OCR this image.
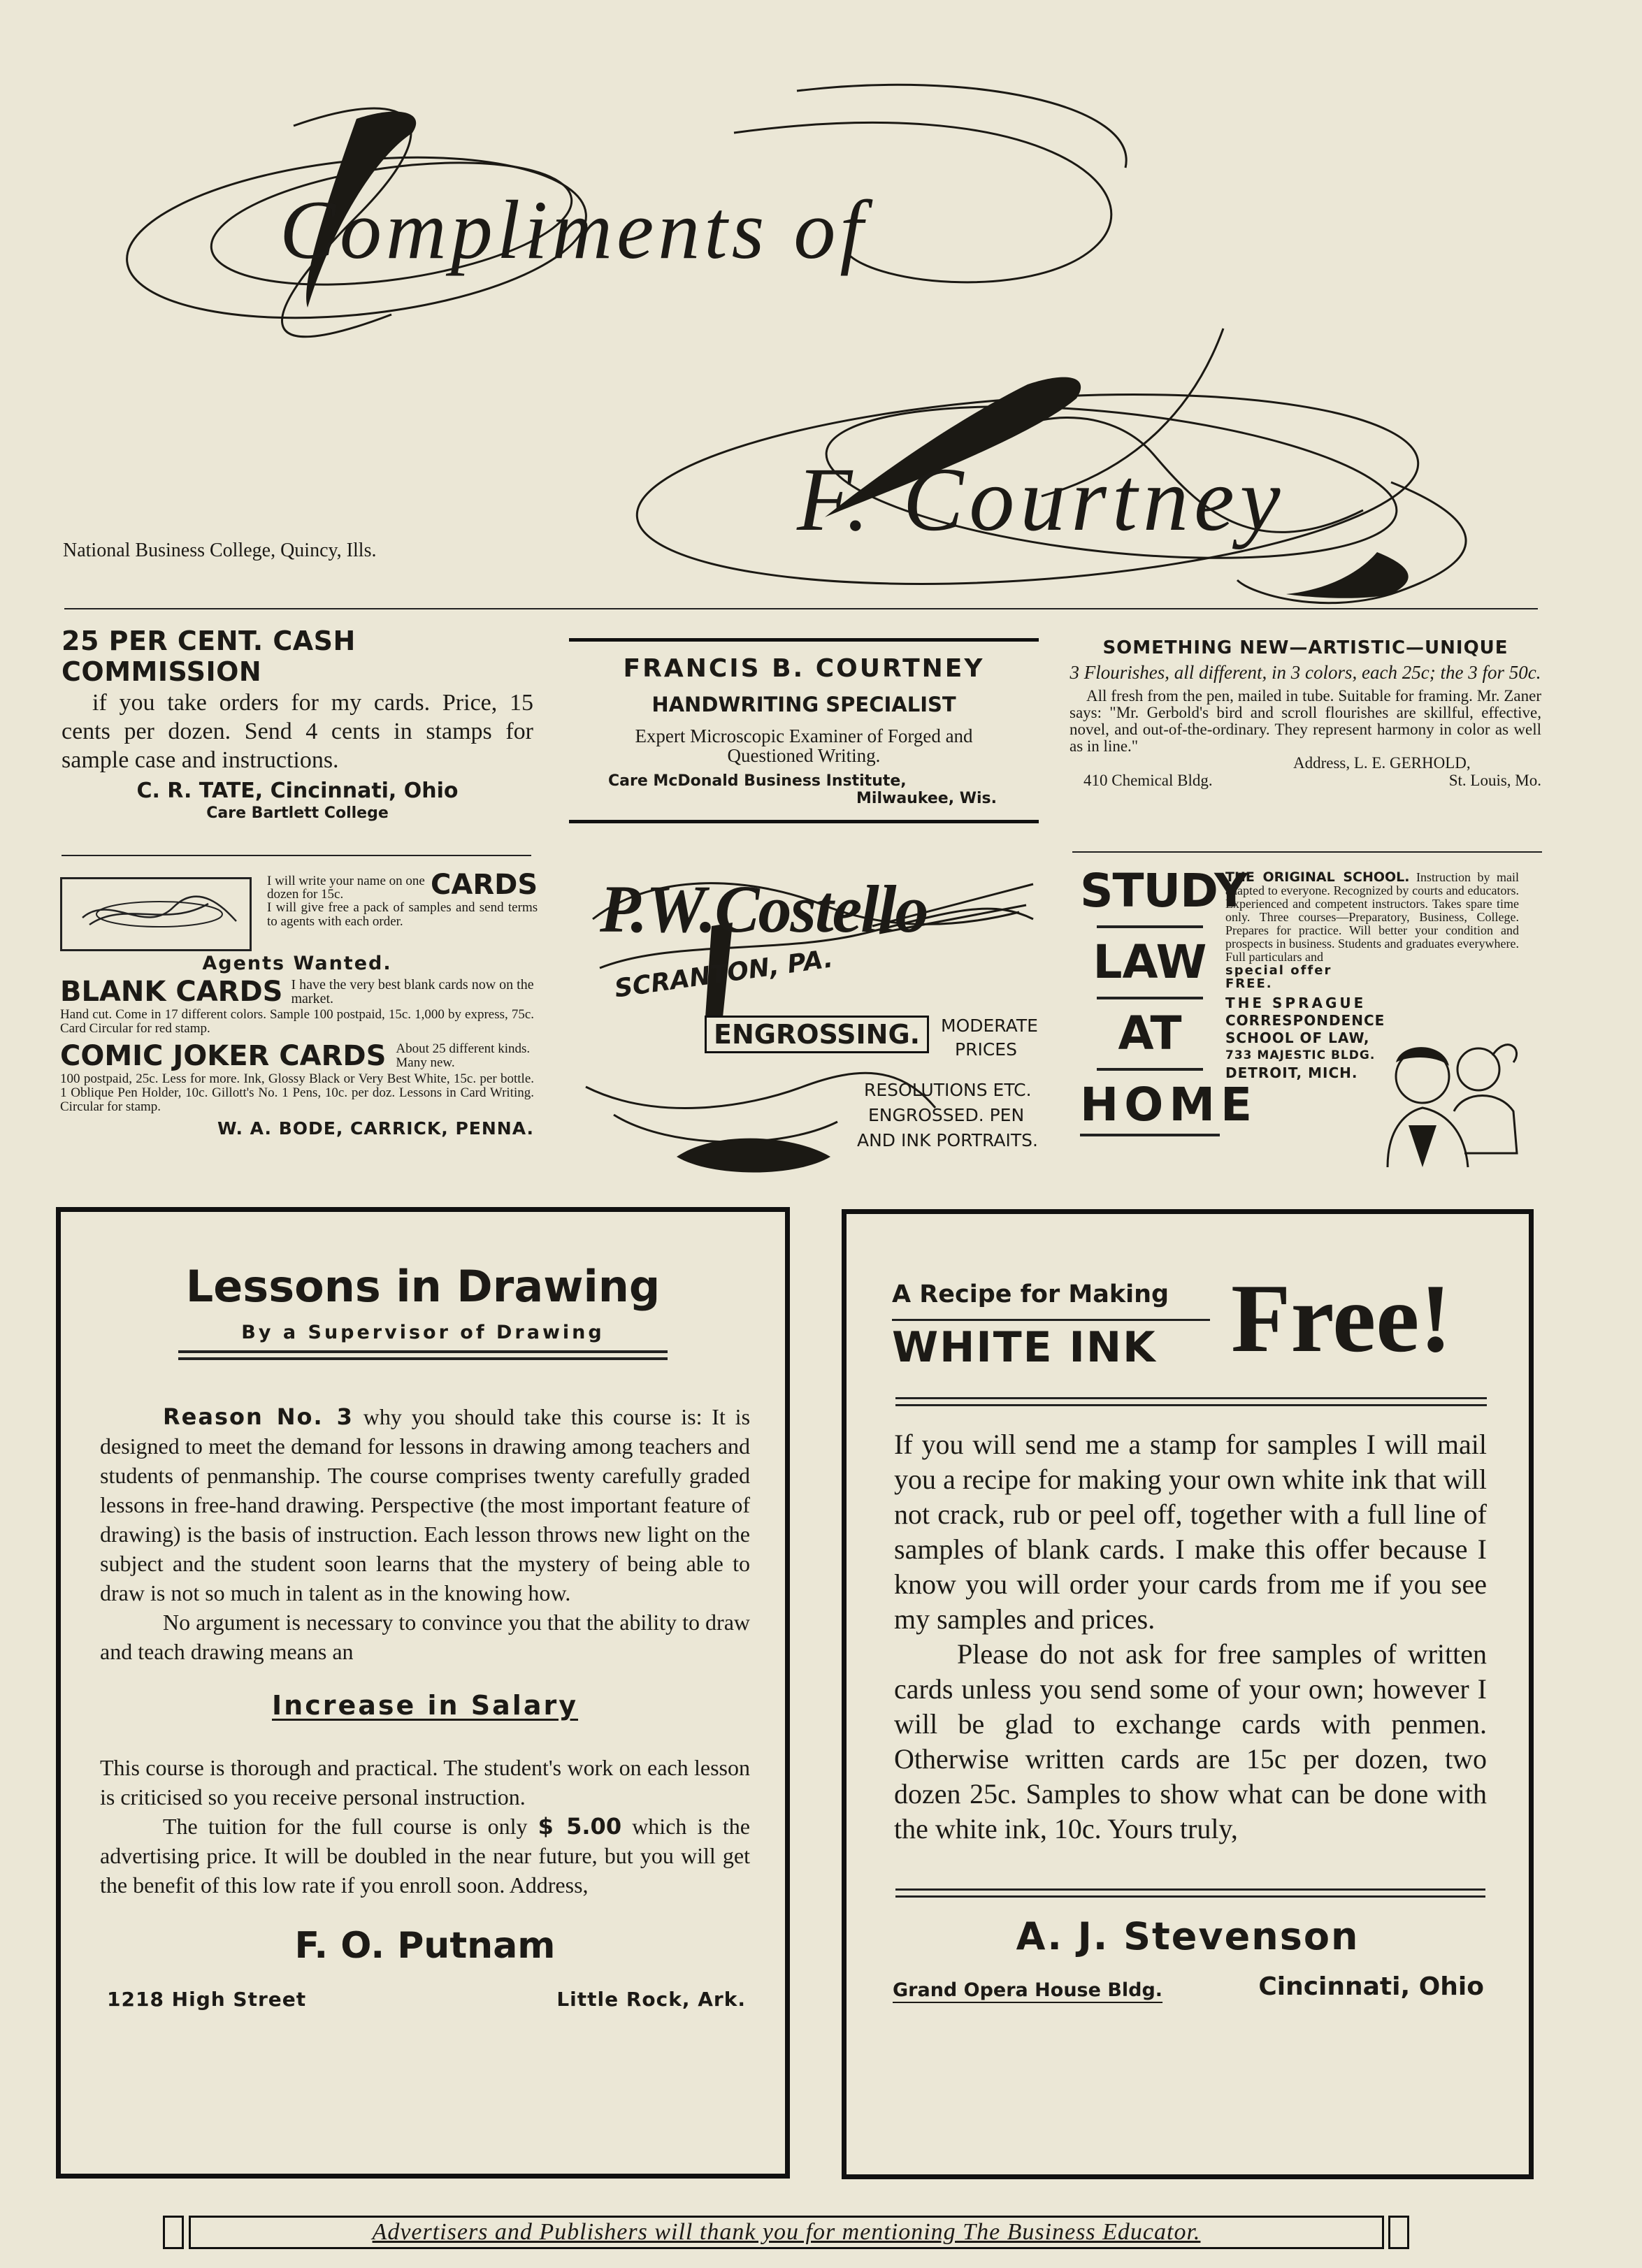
Compliments of
F. Courtney
National Business College, Quincy, Ills.
25 PER CENT. CASH COMMISSION

if you take orders for my cards. Price, 15 cents per dozen. Send 4 cents in stamps for sample case and instructions.

C. R. TATE, Cincinnati, Ohio
Care Bartlett College
FRANCIS B. COURTNEY
HANDWRITING SPECIALIST

Expert Microscopic Examiner of Forged and Questioned Writing.

Care McDonald Business Institute,
Milwaukee, Wis.
SOMETHING NEW—ARTISTIC—UNIQUE

3 Flourishes, all different, in 3 colors, each 25c; the 3 for 50c.

All fresh from the pen, mailed in tube. Suitable for framing. Mr. Zaner says: "Mr. Gerbold's bird and scroll flourishes are skillful, effective, novel, and out-of-the-ordinary. They represent harmony in color as well as in line."

Address, L. E. GERHOLD,
410 Chemical Bldg.	St. Louis, Mo.

I will write your name on one dozen for 15c.	CARDS

I will give free a pack of samples and send terms to agents with each order.

Agents Wanted.
BLANK CARDS I have the very best blank cards now on the market.

Hand cut. Come in 17 different colors. Sample 100 postpaid, 15c. 1,000 by express, 75c. Card Circular for red stamp.

COMIC JOKER CARDS About 25 different kinds. Many new.

100 postpaid, 25c. Less for more. Ink, Glossy Black or Very Best White, 15c. per bottle. 1 Oblique Pen Holder, 10c. Gillott's No. 1 Pens, 10c. per doz. Lessons in Card Writing. Circular for stamp.

W. A. BODE, CARRICK, PENNA.
P.W.Costello
SCRANTON, PA.
ENGROSSING.	MODERATE
PRICES
RESOLUTIONS ETC.
ENGROSSED. PEN
AND INK PORTRAITS.
STUDY
LAW
AT
HOME

THE ORIGINAL SCHOOL. Instruction by mail adapted to everyone. Recognized by courts and educators. Experienced and competent instructors. Takes spare time only. Three courses—Preparatory, Business, College. Prepares for practice. Will better your condition and prospects in business. Students and graduates everywhere. Full particulars and

special offer FREE.
THE SPRAGUE
CORRESPONDENCE
SCHOOL OF LAW,
733 MAJESTIC BLDG.
DETROIT, MICH.
Lessons in Drawing
By a Supervisor of Drawing

Reason No. 3 why you should take this course is: It is designed to meet the demand for lessons in drawing among teachers and students of penmanship. The course comprises twenty carefully graded lessons in free-hand drawing. Perspective (the most important feature of drawing) is the basis of instruction. Each lesson throws new light on the subject and the student soon learns that the mystery of being able to draw is not so much in talent as in the knowing how.

No argument is necessary to convince you that the ability to draw and teach drawing means an

Increase in Salary

This course is thorough and practical. The student's work on each lesson is criticised so you receive personal instruction.

The tuition for the full course is only $ 5.00 which is the advertising price. It will be doubled in the near future, but you will get the benefit of this low rate if you enroll soon. Address,

F. O. Putnam
1218 High Street	Little Rock, Ark.
A Recipe for Making
WHITE INK Free!

If you will send me a stamp for samples I will mail you a recipe for making your own white ink that will not crack, rub or peel off, together with a full line of samples of blank cards. I make this offer because I know you will order your cards from me if you see my samples and prices.

Please do not ask for free samples of written cards unless you send some of your own; however I will be glad to exchange cards with penmen. Otherwise written cards are 15c per dozen, two dozen 25c. Samples to show what can be done with the white ink, 10c. Yours truly,

A. J. Stevenson
Grand Opera House Bldg.	Cincinnati, Ohio
Advertisers and Publishers will thank you for mentioning The Business Educator.
